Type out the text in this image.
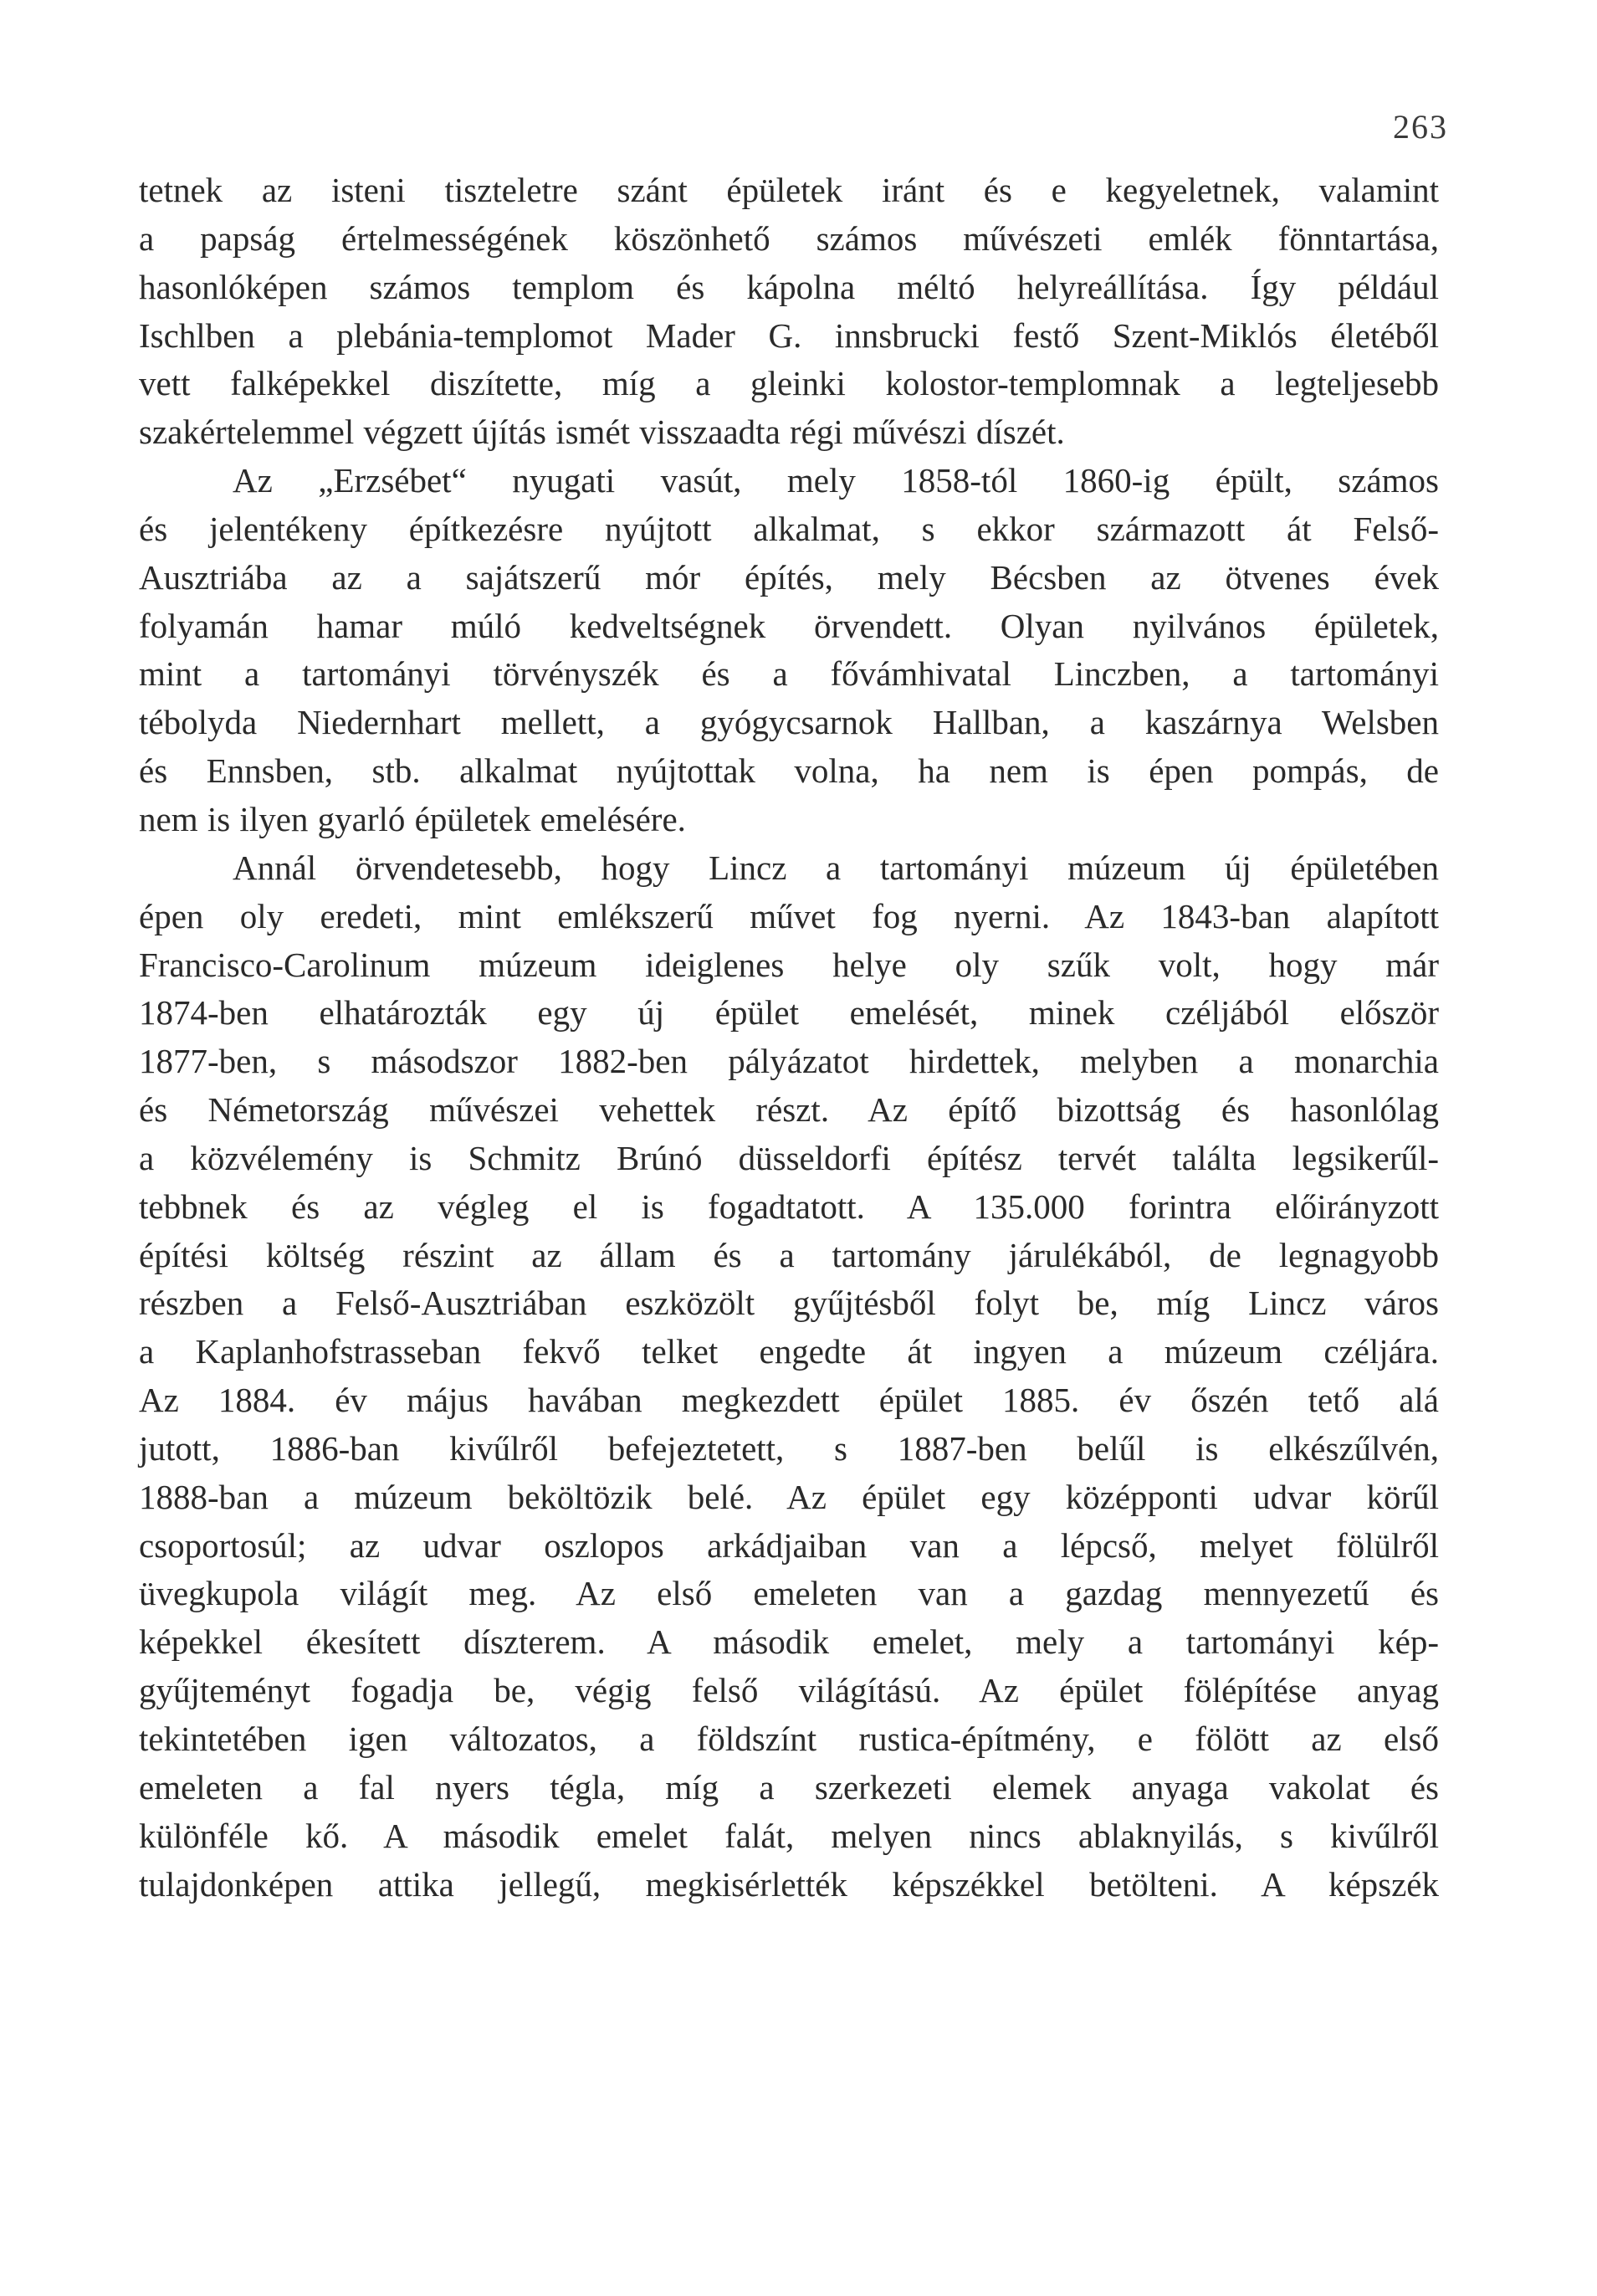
263
tetnek az isteni tiszteletre szánt épületek iránt és e kegyeletnek, valamint
a papság értelmességének köszönhető számos művészeti emlék fönntartása,
hasonlóképen számos templom és kápolna méltó helyreállítása. Így például
Ischlben a plebánia-templomot Mader G. innsbrucki festő Szent-Miklós életéből
vett falképekkel diszítette, míg a gleinki kolostor-templomnak a legteljesebb
szakértelemmel végzett újítás ismét visszaadta régi művészi díszét.
Az „Erzsébet“ nyugati vasút, mely 1858-tól 1860-ig épült, számos
és jelentékeny építkezésre nyújtott alkalmat, s ekkor származott át Felső-
Ausztriába az a sajátszerű mór építés, mely Bécsben az ötvenes évek
folyamán hamar múló kedveltségnek örvendett. Olyan nyilvános épületek,
mint a tartományi törvényszék és a fővámhivatal Linczben, a tartományi
tébolyda Niedernhart mellett, a gyógycsarnok Hallban, a kaszárnya Welsben
és Ennsben, stb. alkalmat nyújtottak volna, ha nem is épen pompás, de
nem is ilyen gyarló épületek emelésére.
Annál örvendetesebb, hogy Lincz a tartományi múzeum új épületében
épen oly eredeti, mint emlékszerű művet fog nyerni. Az 1843-ban alapított
Francisco-Carolinum múzeum ideiglenes helye oly szűk volt, hogy már
1874-ben elhatározták egy új épület emelését, minek czéljából először
1877-ben, s másodszor 1882-ben pályázatot hirdettek, melyben a monarchia
és Németország művészei vehettek részt. Az építő bizottság és hasonlólag
a közvélemény is Schmitz Brúnó düsseldorfi építész tervét találta legsikerűl-
tebbnek és az végleg el is fogadtatott. A 135.000 forintra előirányzott
építési költség részint az állam és a tartomány járulékából, de legnagyobb
részben a Felső-Ausztriában eszközölt gyűjtésből folyt be, míg Lincz város
a Kaplanhofstrasseban fekvő telket engedte át ingyen a múzeum czéljára.
Az 1884. év május havában megkezdett épület 1885. év őszén tető alá
jutott, 1886-ban kivűlről befejeztetett, s 1887-ben belűl is elkészűlvén,
1888-ban a múzeum beköltözik belé. Az épület egy középponti udvar körűl
csoportosúl; az udvar oszlopos arkádjaiban van a lépcső, melyet fölülről
üvegkupola világít meg. Az első emeleten van a gazdag mennyezetű és
képekkel ékesített díszterem. A második emelet, mely a tartományi kép-
gyűjteményt fogadja be, végig felső világítású. Az épület fölépítése anyag
tekintetében igen változatos, a földszínt rustica-építmény, e fölött az első
emeleten a fal nyers tégla, míg a szerkezeti elemek anyaga vakolat és
különféle kő. A második emelet falát, melyen nincs ablaknyilás, s kivűlről
tulajdonképen attika jellegű, megkisérlették képszékkel betölteni. A képszék
